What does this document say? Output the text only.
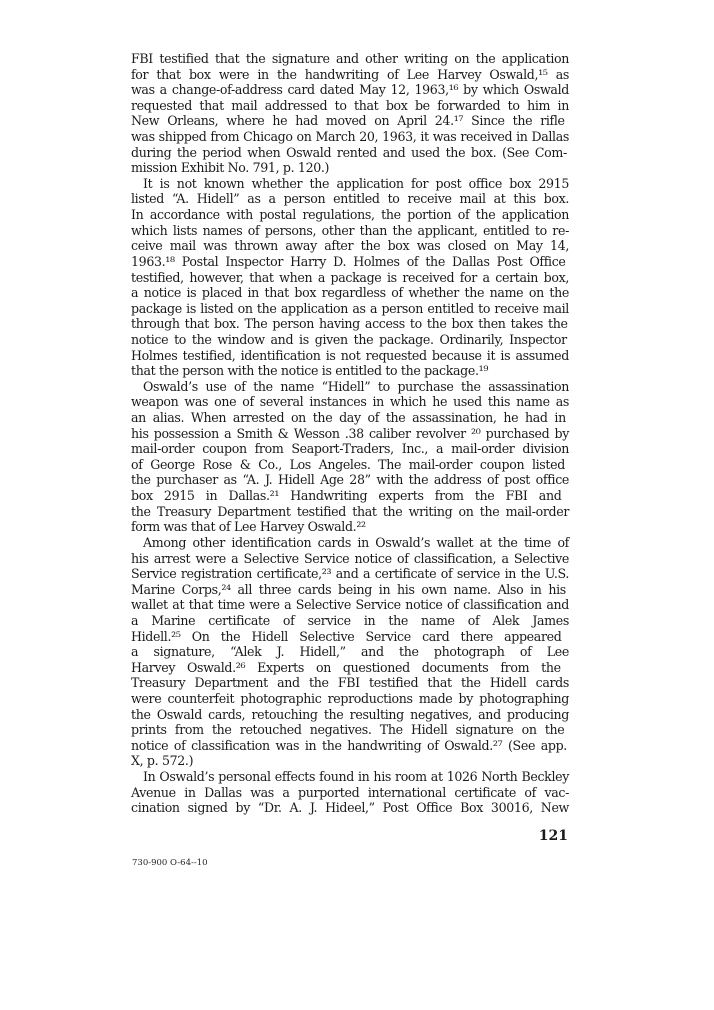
FBI testified that the signature and other writing on the application
for that box were in the handwriting of Lee Harvey Oswald,¹⁵ as
was a change-of-address card dated May 12, 1963,¹⁶ by which Oswald
requested that mail addressed to that box be forwarded to him in
New Orleans, where he had moved on April 24.¹⁷ Since the rifle
was shipped from Chicago on March 20, 1963, it was received in Dallas
during the period when Oswald rented and used the box. (See Com-
mission Exhibit No. 791, p. 120.)
It is not known whether the application for post office box 2915
listed “A. Hidell” as a person entitled to receive mail at this box.
In accordance with postal regulations, the portion of the application
which lists names of persons, other than the applicant, entitled to re-
ceive mail was thrown away after the box was closed on May 14,
1963.¹⁸ Postal Inspector Harry D. Holmes of the Dallas Post Office
testified, however, that when a package is received for a certain box,
a notice is placed in that box regardless of whether the name on the
package is listed on the application as a person entitled to receive mail
through that box. The person having access to the box then takes the
notice to the window and is given the package. Ordinarily, Inspector
Holmes testified, identification is not requested because it is assumed
that the person with the notice is entitled to the package.¹⁹
Oswald’s use of the name “Hidell” to purchase the assassination
weapon was one of several instances in which he used this name as
an alias. When arrested on the day of the assassination, he had in
his possession a Smith & Wesson .38 caliber revolver ²⁰ purchased by
mail-order coupon from Seaport-Traders, Inc., a mail-order division
of George Rose & Co., Los Angeles. The mail-order coupon listed
the purchaser as “A. J. Hidell Age 28” with the address of post office
box 2915 in Dallas.²¹ Handwriting experts from the FBI and
the Treasury Department testified that the writing on the mail-order
form was that of Lee Harvey Oswald.²²
Among other identification cards in Oswald’s wallet at the time of
his arrest were a Selective Service notice of classification, a Selective
Service registration certificate,²³ and a certificate of service in the U.S.
Marine Corps,²⁴ all three cards being in his own name. Also in his
wallet at that time were a Selective Service notice of classification and
a Marine certificate of service in the name of Alek James
Hidell.²⁵ On the Hidell Selective Service card there appeared
a signature, “Alek J. Hidell,” and the photograph of Lee
Harvey Oswald.²⁶ Experts on questioned documents from the
Treasury Department and the FBI testified that the Hidell cards
were counterfeit photographic reproductions made by photographing
the Oswald cards, retouching the resulting negatives, and producing
prints from the retouched negatives. The Hidell signature on the
notice of classification was in the handwriting of Oswald.²⁷ (See app.
X, p. 572.)
In Oswald’s personal effects found in his room at 1026 North Beckley
Avenue in Dallas was a purported international certificate of vac-
cination signed by “Dr. A. J. Hideel,” Post Office Box 30016, New
121
730-900 O-64--10
